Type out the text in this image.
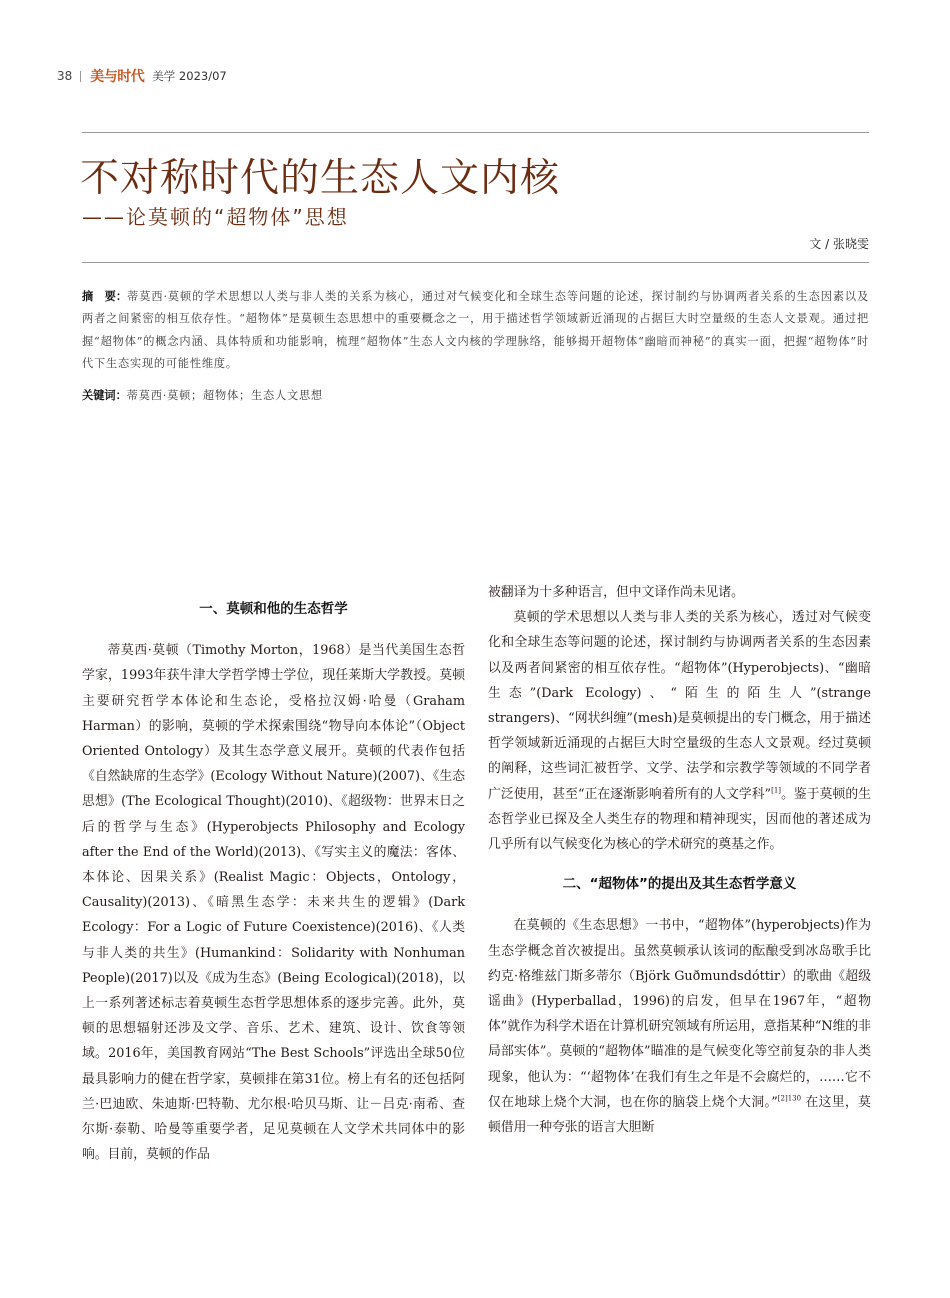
38 美与时代 美学 2023/07
不对称时代的生态人文内核
——论莫顿的“超物体”思想
文 / 张晓雯
摘　要：蒂莫西·莫顿的学术思想以人类与非人类的关系为核心，通过对气候变化和全球生态等问题的论述，探讨制约与协调两者关系的生态因素以及两者之间紧密的相互依存性。“超物体”是莫顿生态思想中的重要概念之一，用于描述哲学领域新近涌现的占据巨大时空量级的生态人文景观。通过把握“超物体”的概念内涵、具体特质和功能影响，梳理“超物体”生态人文内核的学理脉络，能够揭开超物体“幽暗而神秘”的真实一面，把握“超物体”时代下生态实现的可能性维度。
关键词：蒂莫西·莫顿；超物体；生态人文思想
一、莫顿和他的生态哲学

蒂莫西·莫顿（Timothy Morton，1968）是当代美国生态哲学家，1993年获牛津大学哲学博士学位，现任莱斯大学教授。莫顿主要研究哲学本体论和生态论，受格拉汉姆·哈曼（Graham Harman）的影响，莫顿的学术探索围绕“物导向本体论”（Object Oriented Ontology）及其生态学意义展开。莫顿的代表作包括《自然缺席的生态学》(Ecology Without Nature)(2007)、《生态思想》(The Ecological Thought)(2010)、《超级物：世界末日之后的哲学与生态》(Hyperobjects Philosophy and Ecology after the End of the World)(2013)、《写实主义的魔法：客体、本体论、因果关系》(Realist Magic：Objects，Ontology，Causality)(2013)、《暗黑生态学：未来共生的逻辑》(Dark Ecology：For a Logic of Future Coexistence)(2016)、《人类与非人类的共生》(Humankind：Solidarity with Nonhuman People)(2017)以及《成为生态》(Being Ecological)(2018)，以上一系列著述标志着莫顿生态哲学思想体系的逐步完善。此外，莫顿的思想辐射还涉及文学、音乐、艺术、建筑、设计、饮食等领域。2016年，美国教育网站“The Best Schools”评选出全球50位最具影响力的健在哲学家，莫顿排在第31位。榜上有名的还包括阿兰·巴迪欧、朱迪斯·巴特勒、尤尔根·哈贝马斯、让－吕克·南希、查尔斯·泰勒、哈曼等重要学者，足见莫顿在人文学术共同体中的影响。目前，莫顿的作品

被翻译为十多种语言，但中文译作尚未见诸。

莫顿的学术思想以人类与非人类的关系为核心，透过对气候变化和全球生态等问题的论述，探讨制约与协调两者关系的生态因素以及两者间紧密的相互依存性。“超物体”(Hyperobjects)、“幽暗生态”(Dark Ecology)、“陌生的陌生人”(strange strangers)、“网状纠缠”(mesh)是莫顿提出的专门概念，用于描述哲学领域新近涌现的占据巨大时空量级的生态人文景观。经过莫顿的阐释，这些词汇被哲学、文学、法学和宗教学等领域的不同学者广泛使用，甚至“正在逐渐影响着所有的人文学科”[1]。鉴于莫顿的生态哲学业已探及全人类生存的物理和精神现实，因而他的著述成为几乎所有以气候变化为核心的学术研究的奠基之作。

二、“超物体”的提出及其生态哲学意义

在莫顿的《生态思想》一书中，“超物体”(hyperobjects)作为生态学概念首次被提出。虽然莫顿承认该词的酝酿受到冰岛歌手比约克·格维兹门斯多蒂尔（Björk Guðmundsdóttir）的歌曲《超级谣曲》(Hyperballad，1996)的启发，但早在1967年，“超物体”就作为科学术语在计算机研究领域有所运用，意指某种“N维的非局部实体”。莫顿的“超物体”瞄准的是气候变化等空前复杂的非人类现象，他认为：“‘超物体’在我们有生之年是不会腐烂的，……它不仅在地球上烧个大洞，也在你的脑袋上烧个大洞。”$^{[2]130}$ 在这里，莫顿借用一种夸张的语言大胆断
